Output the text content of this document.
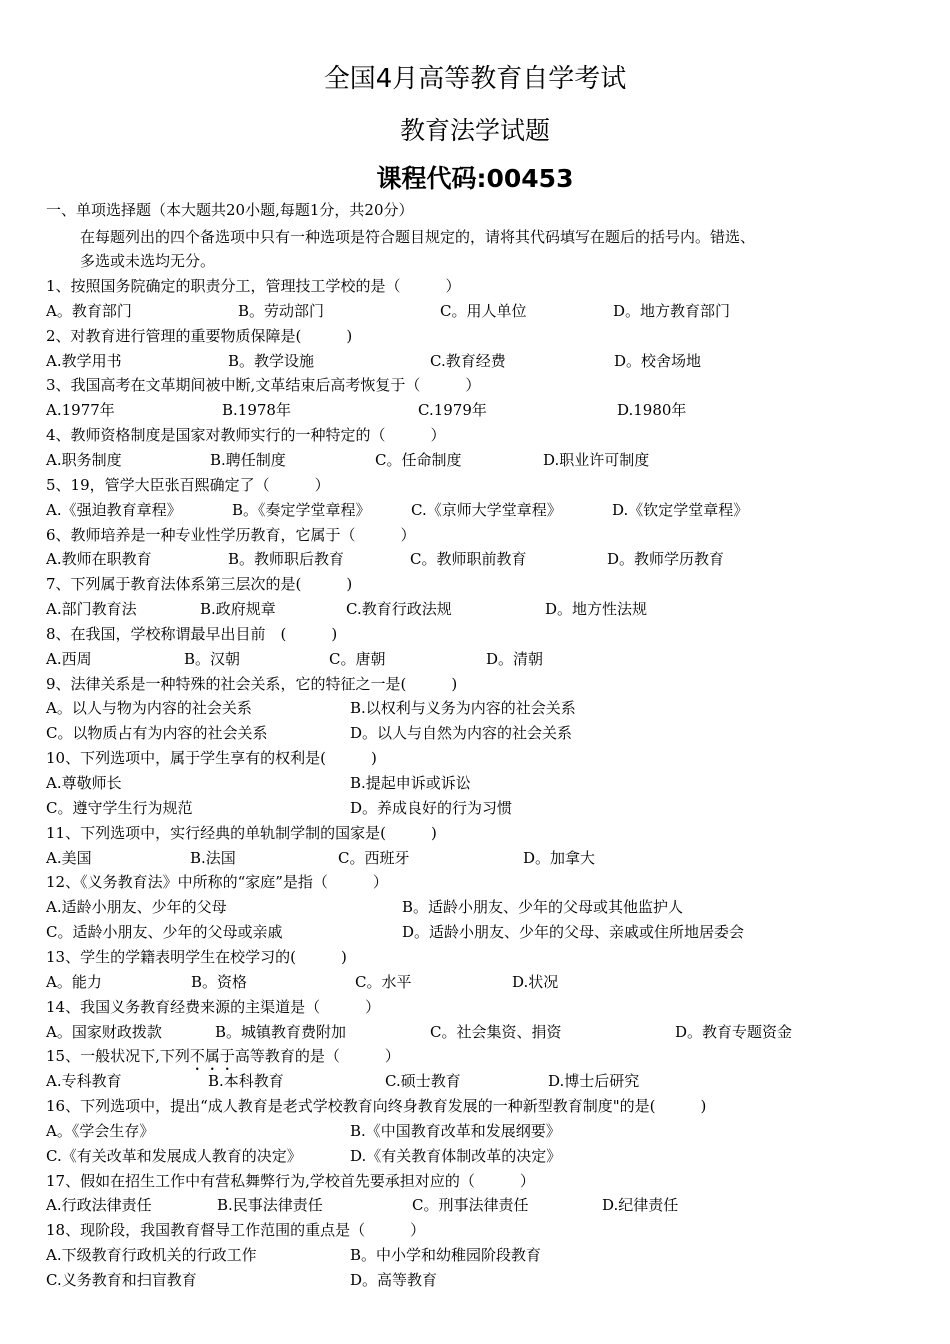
全国4月高等教育自学考试
教育法学试题
课程代码:00453
一、单项选择题（本大题共20小题,每题1分，共20分）
在每题列出的四个备选项中只有一种选项是符合题目规定的，请将其代码填写在题后的括号内。错选、
多选或未选均无分。
1、按照国务院确定的职责分工，管理技工学校的是（　　　）
A。教育部门	B。劳动部门	C。用人单位	D。地方教育部门
2、对教育进行管理的重要物质保障是(　　　)
A.教学用书	B。教学设施	C.教育经费	D。校舍场地
3、我国高考在文革期间被中断,文革结束后高考恢复于（　　　）
A.1977年	B.1978年	C.1979年	D.1980年
4、教师资格制度是国家对教师实行的一种特定的（　　　）
A.职务制度	B.聘任制度	C。任命制度	D.职业许可制度
5、19，管学大臣张百熙确定了（　　　）
A.《强迫教育章程》	B。《奏定学堂章程》	C.《京师大学堂章程》	D.《钦定学堂章程》
6、教师培养是一种专业性学历教育，它属于（　　　）
A.教师在职教育	B。教师职后教育	C。教师职前教育	D。教师学历教育
7、下列属于教育法体系第三层次的是(　　　)
A.部门教育法	B.政府规章	C.教育行政法规	D。地方性法规
8、在我国，学校称谓最早出目前　(　　　)
A.西周	B。汉朝	C。唐朝	D。清朝
9、法律关系是一种特殊的社会关系，它的特征之一是(　　　)
A。以人与物为内容的社会关系	B.以权利与义务为内容的社会关系
C。以物质占有为内容的社会关系	D。以人与自然为内容的社会关系
10、下列选项中，属于学生享有的权利是(　　　)
A.尊敬师长	B.提起申诉或诉讼
C。遵守学生行为规范	D。养成良好的行为习惯
11、下列选项中，实行经典的单轨制学制的国家是(　　　)
A.美国	B.法国	C。西班牙	D。加拿大
12、《义务教育法》中所称的“家庭”是指（　　　）
A.适龄小朋友、少年的父母	B。适龄小朋友、少年的父母或其他监护人
C。适龄小朋友、少年的父母或亲戚	D。适龄小朋友、少年的父母、亲戚或住所地居委会
13、学生的学籍表明学生在校学习的(　　　)
A。能力	B。资格	C。水平	D.状况
14、我国义务教育经费来源的主渠道是（　　　）
A。国家财政拨款	B。城镇教育费附加	C。社会集资、捐资	D。教育专题资金
15、一般状况下,下列不属于高等教育的是（　　　）
A.专科教育	B.本科教育	C.硕士教育	D.博士后研究
16、下列选项中，提出“成人教育是老式学校教育向终身教育发展的一种新型教育制度"的是(　　　)
A。《学会生存》	B.《中国教育改革和发展纲要》
C.《有关改革和发展成人教育的决定》	D.《有关教育体制改革的决定》
17、假如在招生工作中有营私舞弊行为,学校首先要承担对应的（　　　）
A.行政法律责任	B.民事法律责任	C。刑事法律责任	D.纪律责任
18、现阶段，我国教育督导工作范围的重点是（　　　）
A.下级教育行政机关的行政工作	B。中小学和幼稚园阶段教育
C.义务教育和扫盲教育	D。高等教育
